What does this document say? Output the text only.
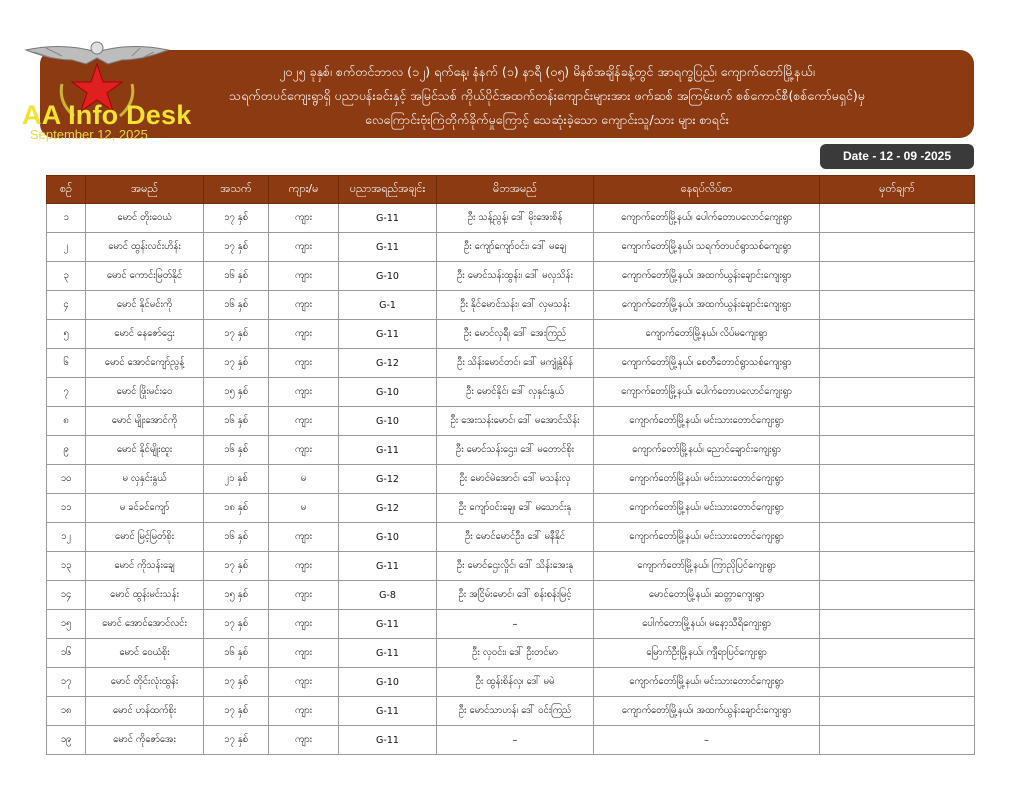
၂၀၂၅ ခုနှစ်၊ စက်တင်ဘာလ (၁၂) ရက်နေ့၊ နံနက် (၁) နာရီ (၀၅) မိနစ်အချိန်ခန့်တွင် အာရက္ခပြည်၊ ကျောက်တော်မြို့နယ်၊
သရက်တပင်ကျေးရွာရှိ ပညာပန်းခင်းနှင့် အမြင်သစ် ကိုယ်ပိုင်အထက်တန်းကျောင်းများအား ဖက်ဆစ် အကြမ်းဖက် စစ်ကောင်စီ(စစ်ကော်မရှင်)မှ
လေကြောင်းဗုံးကြဲတိုက်ခိုက်မှုကြောင့် သေဆုံးခဲ့သော ကျောင်းသူ/သား များ စာရင်း
AA Info Desk
September 12, 2025
Date - 12 - 09 -2025
စဉ်	အမည်	အသက်	ကျား/မ	ပညာအရည်အချင်း	မိဘအမည်	နေရပ်လိပ်စာ	မှတ်ချက်
၁	မောင် တိုးဝေယံ	၁၇ နှစ်	ကျား	G-11	ဦး သန့်ညွန့်၊ ဒေါ် မိုးအေးစိန်	ကျောက်တော်မြို့နယ်၊ ပေါက်တောပလောင်ကျေးရွာ	
၂	မောင် ထွန်းလင်းဟိန်း	၁၇ နှစ်	ကျား	G-11	ဦး ကျော်ကျော်ဝင်း၊ ဒေါ် မချေ	ကျောက်တော်မြို့နယ်၊ သရက်တပင်ရွာသစ်ကျေးရွာ	
၃	မောင် ကောင်းမြတ်နိုင်	၁၆ နှစ်	ကျား	G-10	ဦး မောင်သန်းထွန်း၊ ဒေါ် မလှသိန်း	ကျောက်တော်မြို့နယ်၊ အထက်ယွန်းချောင်းကျေးရွာ	
၄	မောင် နိုင်မင်းကို	၁၆ နှစ်	ကျား	G-1	ဦး နိုင်မောင်သန်း၊ ဒေါ် လှမသန်း	ကျောက်တော်မြို့နယ်၊ အထက်ယွန်းချောင်းကျေးရွာ	
၅	မောင် နေဇော်ဌေး	၁၇ နှစ်	ကျား	G-11	ဦး မောင်လှရီ၊ ဒေါ် အေးကြည်	ကျောက်တော်မြို့နယ်၊ လိပ်မကျေးရွာ	
၆	မောင် အောင်ကျော်ညွန့်	၁၇ နှစ်	ကျား	G-12	ဦး သိန်းမောင်တင်၊ ဒေါ် မကျုံနွဲစိန်	ကျောက်တော်မြို့နယ်၊ စေတီတောင်ရွာသစ်ကျေးရွာ	
၇	မောင် ဖြိုးမင်းဝေ	၁၅ နှစ်	ကျား	G-10	ဦး မောင်နိုင်၊ ဒေါ် လှနှင်းနွယ်	ကျောက်တော်မြို့နယ်၊ ပေါက်တောပလောင်ကျေးရွာ	
၈	မောင် မျိုးအောင်ကို	၁၆ နှစ်	ကျား	G-10	ဦး အေးသန်းမောင်၊ ဒေါ် မအောင်သိန်း	ကျောက်တော်မြို့နယ်၊ မင်းသားတောင်ကျေးရွာ	
၉	မောင် နိုင်မျိုးထူး	၁၆ နှစ်	ကျား	G-11	ဦး မောင်သန်းဌေး၊ ဒေါ် မတောင်စိုး	ကျောက်တော်မြို့နယ်၊ ညောင်ချောင်းကျေးရွာ	
၁၀	မ လှနှင်းနွယ်	၂၁ နှစ်	မ	G-12	ဦး မောင်မဲအောင်၊ ဒေါ် မသန်းလှ	ကျောက်တော်မြို့နယ်၊ မင်းသားတောင်ကျေးရွာ	
၁၁	မ ခင်ခင်ကျော်	၁၈ နှစ်	မ	G-12	ဦး ကျော်ဝင်းချေ၊ ဒေါ် မသောင်းနု	ကျောက်တော်မြို့နယ်၊ မင်းသားတောင်ကျေးရွာ	
၁၂	မောင် မြင့်မြတ်စိုး	၁၆ နှစ်	ကျား	G-10	ဦး မောင်မောင်ဦး၊ ဒေါ် မနီနိုင်	ကျောက်တော်မြို့နယ်၊ မင်းသားတောင်ကျေးရွာ	
၁၃	မောင် ကိုသန်းချေ	၁၇ နှစ်	ကျား	G-11	ဦး မောင်ဌေးလှိုင်၊ ဒေါ် သိန်းအေးနု	ကျောက်တော်မြို့နယ်၊ ကြာညိုပြင်ကျေးရွာ	
၁၄	မောင် ထွန်းမင်းသန်း	၁၅ နှစ်	ကျား	G-8	ဦး အငြိမ်းမောင်၊ ဒေါ် စန်းစန်းမြင့်	မောင်တောမြို့နယ်၊ ဆတ္တာကျေးရွာ	
၁၅	မောင် အောင်အောင်လင်း	၁၇ နှစ်	ကျား	G-11	–	ပေါက်တောမြို့နယ်၊ မနော့သီရိကျေးရွာ	
၁၆	မောင် ဝေယံစိုး	၁၆ နှစ်	ကျား	G-11	ဦး လှဝင်း၊ ဒေါ် ဦးတင်မာ	မြောက်ဦးမြို့နယ်၊ ကျီရာပြင်ကျေးရွာ	
၁၇	မောင် တိုင်းလုံးထွန်း	၁၇ နှစ်	ကျား	G-10	ဦး ထွန်းစိန်လှ၊ ဒေါ် မမဲ	ကျောက်တော်မြို့နယ်၊ မင်းသားတောင်ကျေးရွာ	
၁၈	မောင် ဟန်ထက်စိုး	၁၇ နှစ်	ကျား	G-11	ဦး မောင်သာဟန်၊ ဒေါ် ဝင်းကြည်	ကျောက်တော်မြို့နယ်၊ အထက်ယွန်းချောင်းကျေးရွာ	
၁၉	မောင် ကိုဇော်အေး	၁၇ နှစ်	ကျား	G-11	–	–	
